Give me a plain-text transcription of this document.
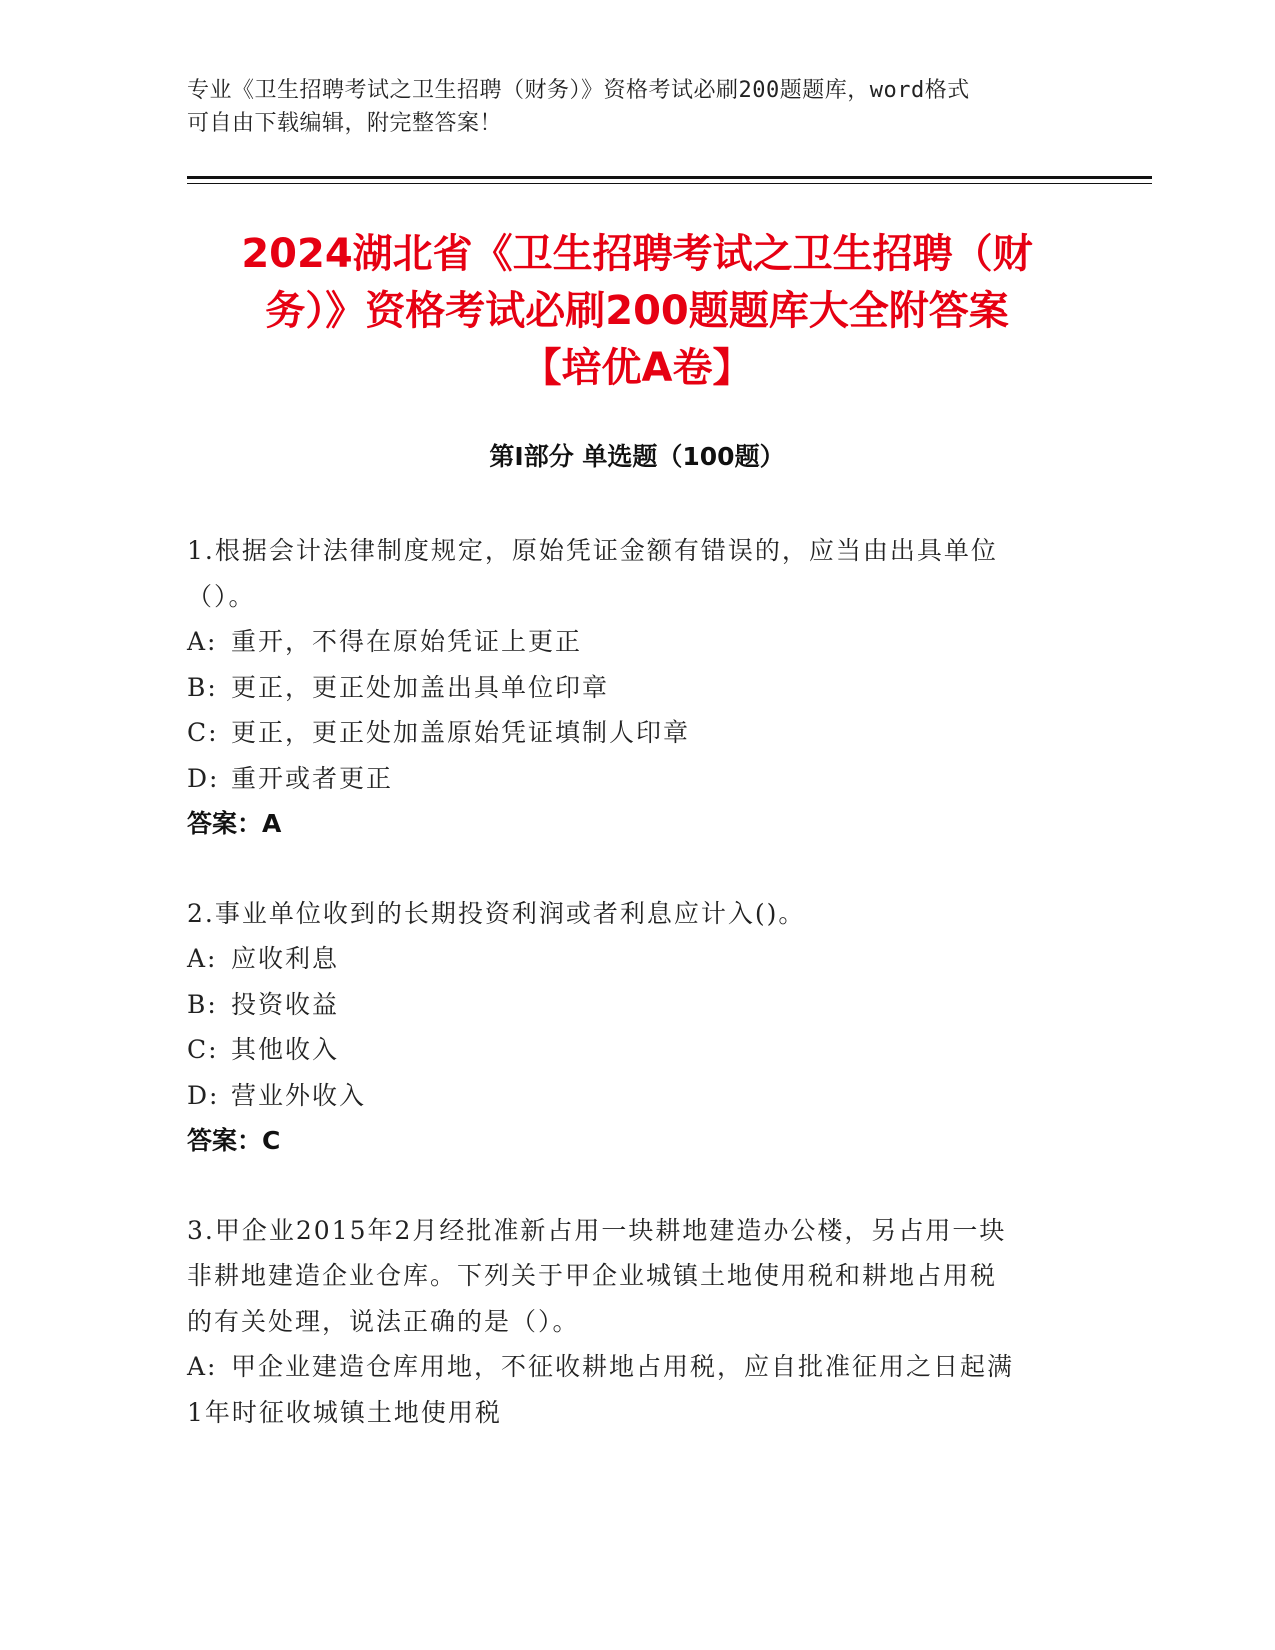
专业《卫生招聘考试之卫生招聘（财务）》资格考试必刷200题题库，word格式
可自由下载编辑，附完整答案！
2024湖北省《卫生招聘考试之卫生招聘（财
务）》资格考试必刷200题题库大全附答案
【培优A卷】
第Ⅰ部分 单选题（100题）

1.根据会计法律制度规定，原始凭证金额有错误的，应当由出具单位
（）。

A: 重开，不得在原始凭证上更正
B: 更正，更正处加盖出具单位印章
C: 更正，更正处加盖原始凭证填制人印章
D: 重开或者更正
答案：A

2.事业单位收到的长期投资利润或者利息应计入()。

A: 应收利息
B: 投资收益
C: 其他收入
D: 营业外收入
答案：C

3.甲企业2015年2月经批准新占用一块耕地建造办公楼，另占用一块
非耕地建造企业仓库。下列关于甲企业城镇土地使用税和耕地占用税
的有关处理，说法正确的是（）。

A: 甲企业建造仓库用地，不征收耕地占用税，应自批准征用之日起满
1年时征收城镇土地使用税
